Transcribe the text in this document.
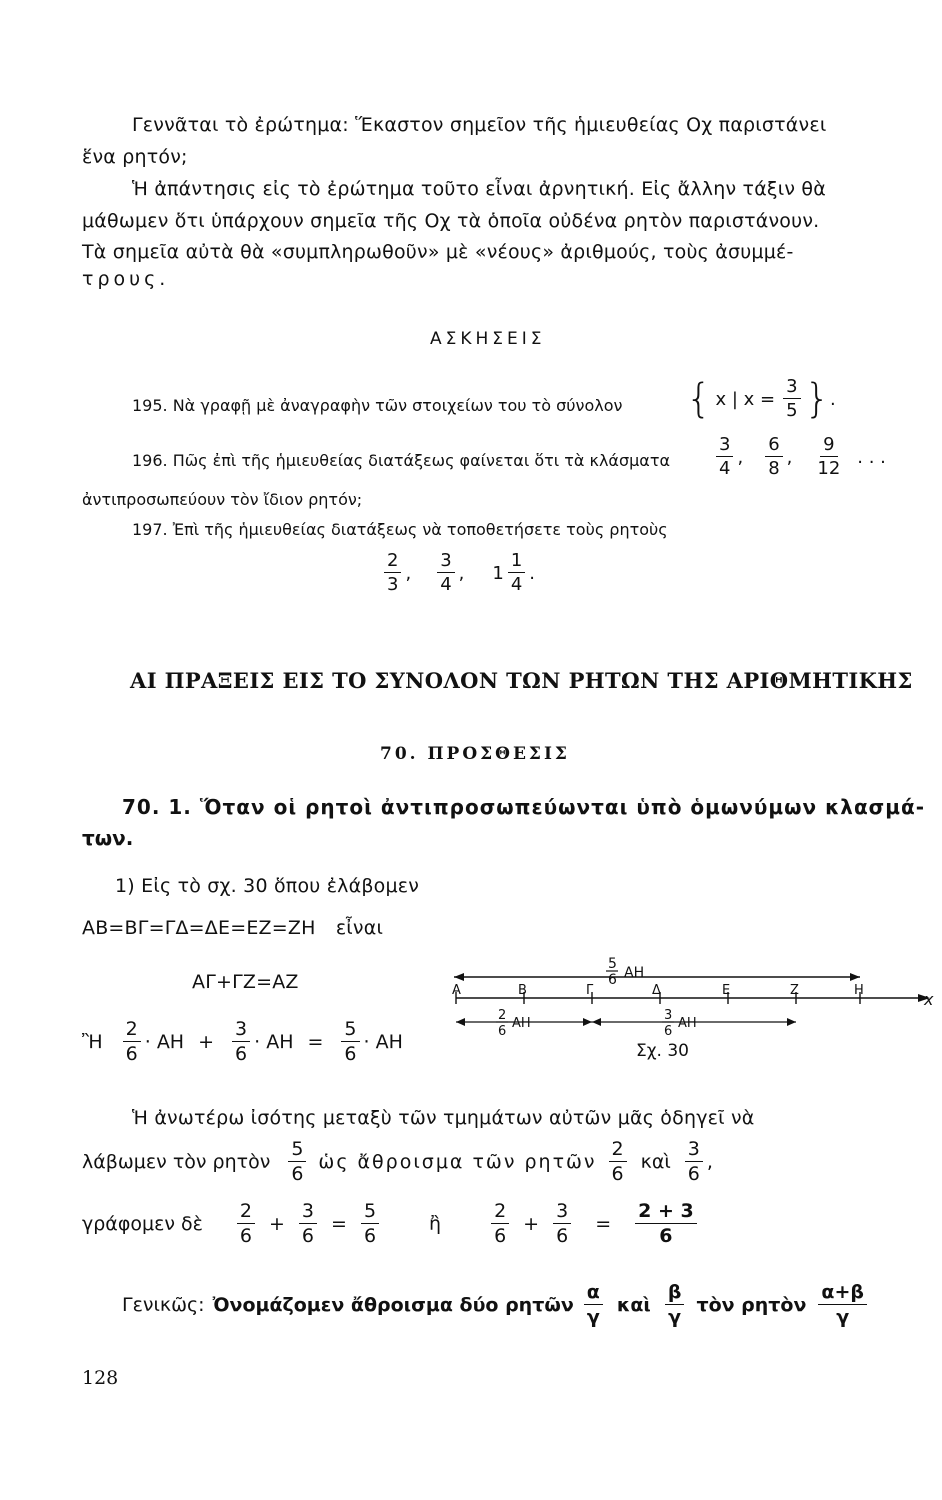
Γεννᾶται τὸ ἐρώτημα: Ἕκαστον σημεῖον τῆς ἡμιευθείας Οχ παριστάνει
ἕνα ρητόν;
Ἡ ἀπάντησις εἰς τὸ ἐρώτημα τοῦτο εἶναι ἀρνητική. Εἰς ἄλλην τάξιν θὰ
μάθωμεν ὅτι ὑπάρχουν σημεῖα τῆς Οχ τὰ ὁποῖα οὐδένα ρητὸν παριστάνουν.
Τὰ σημεῖα αὐτὰ θὰ «συμπληρωθοῦν» μὲ «νέους» ἀριθμούς, τοὺς ἀσυμμέ-
τρους.
ΑΣΚΗΣΕΙΣ
195. Νὰ γραφῇ μὲ ἀναγραφὴν τῶν στοιχείων του τὸ σύνολον { x | $x = \frac{3}{5}$ } .
196. Πῶς ἐπὶ τῆς ἡμιευθείας διατάξεως φαίνεται ὅτι τὰ κλάσματα	$\frac{3}{4}$ , $\frac{6}{8}$ , $\frac{9}{12}$ . . .
ἀντιπροσωπεύουν τὸν ἴδιον ρητόν;
197. Ἐπὶ τῆς ἡμιευθείας διατάξεως νὰ τοποθετήσετε τοὺς ρητοὺς
$\frac{2}{3}$ , $\frac{3}{4}$ , $1 \frac{1}{4}$ .
ΑΙ ΠΡΑΞΕΙΣ ΕΙΣ ΤΟ ΣΥΝΟΛΟΝ ΤΩΝ ΡΗΤΩΝ ΤΗΣ ΑΡΙΘΜΗΤΙΚΗΣ
70. ΠΡΟΣΘΕΣΙΣ
70. 1. Ὅταν οἱ ρητοὶ ἀντιπροσωπεύωνται ὑπὸ ὁμωνύμων κλασμά-
των.
1) Εἰς τὸ σχ. 30 ὅπου ἐλάβομεν
ΑΒ=ΒΓ=ΓΔ=ΔΕ=ΕΖ=ΖΗ εἶναι
ΑΓ+ΓΖ=ΑΖ
Ἢ $\frac{2}{6} \cdot AH + \frac{3}{6} \cdot AH = \frac{5}{6} \cdot AH$
5
6 ΑΗ
x
Α	Β	Γ	Δ	Ε	Ζ	Η
2
6
ΑΗ
3
6
ΑΗ
Σχ. 30
Ἡ ἀνωτέρω ἰσότης μεταξὺ τῶν τμημάτων αὐτῶν μᾶς ὁδηγεῖ νὰ
λάβωμεν τὸν ρητὸν $\frac{5}{6}$ ὡς ἄθροισμα τῶν ρητῶν $\frac{2}{6}$ καὶ $\frac{3}{6}$ ,
γράφομεν δὲ $\frac{2}{6} + \frac{3}{6} = \frac{5}{6}$	ἢ	$\frac{2}{6} + \frac{3}{6} = \frac{2 + 3}{6}$
Γενικῶς: Ὀνομάζομεν ἄθροισμα δύο ρητῶν $\frac{\alpha}{\gamma}$ καὶ $\frac{\beta}{\gamma}$ τὸν ρητὸν $\frac{\alpha+\beta}{\gamma}$
128
